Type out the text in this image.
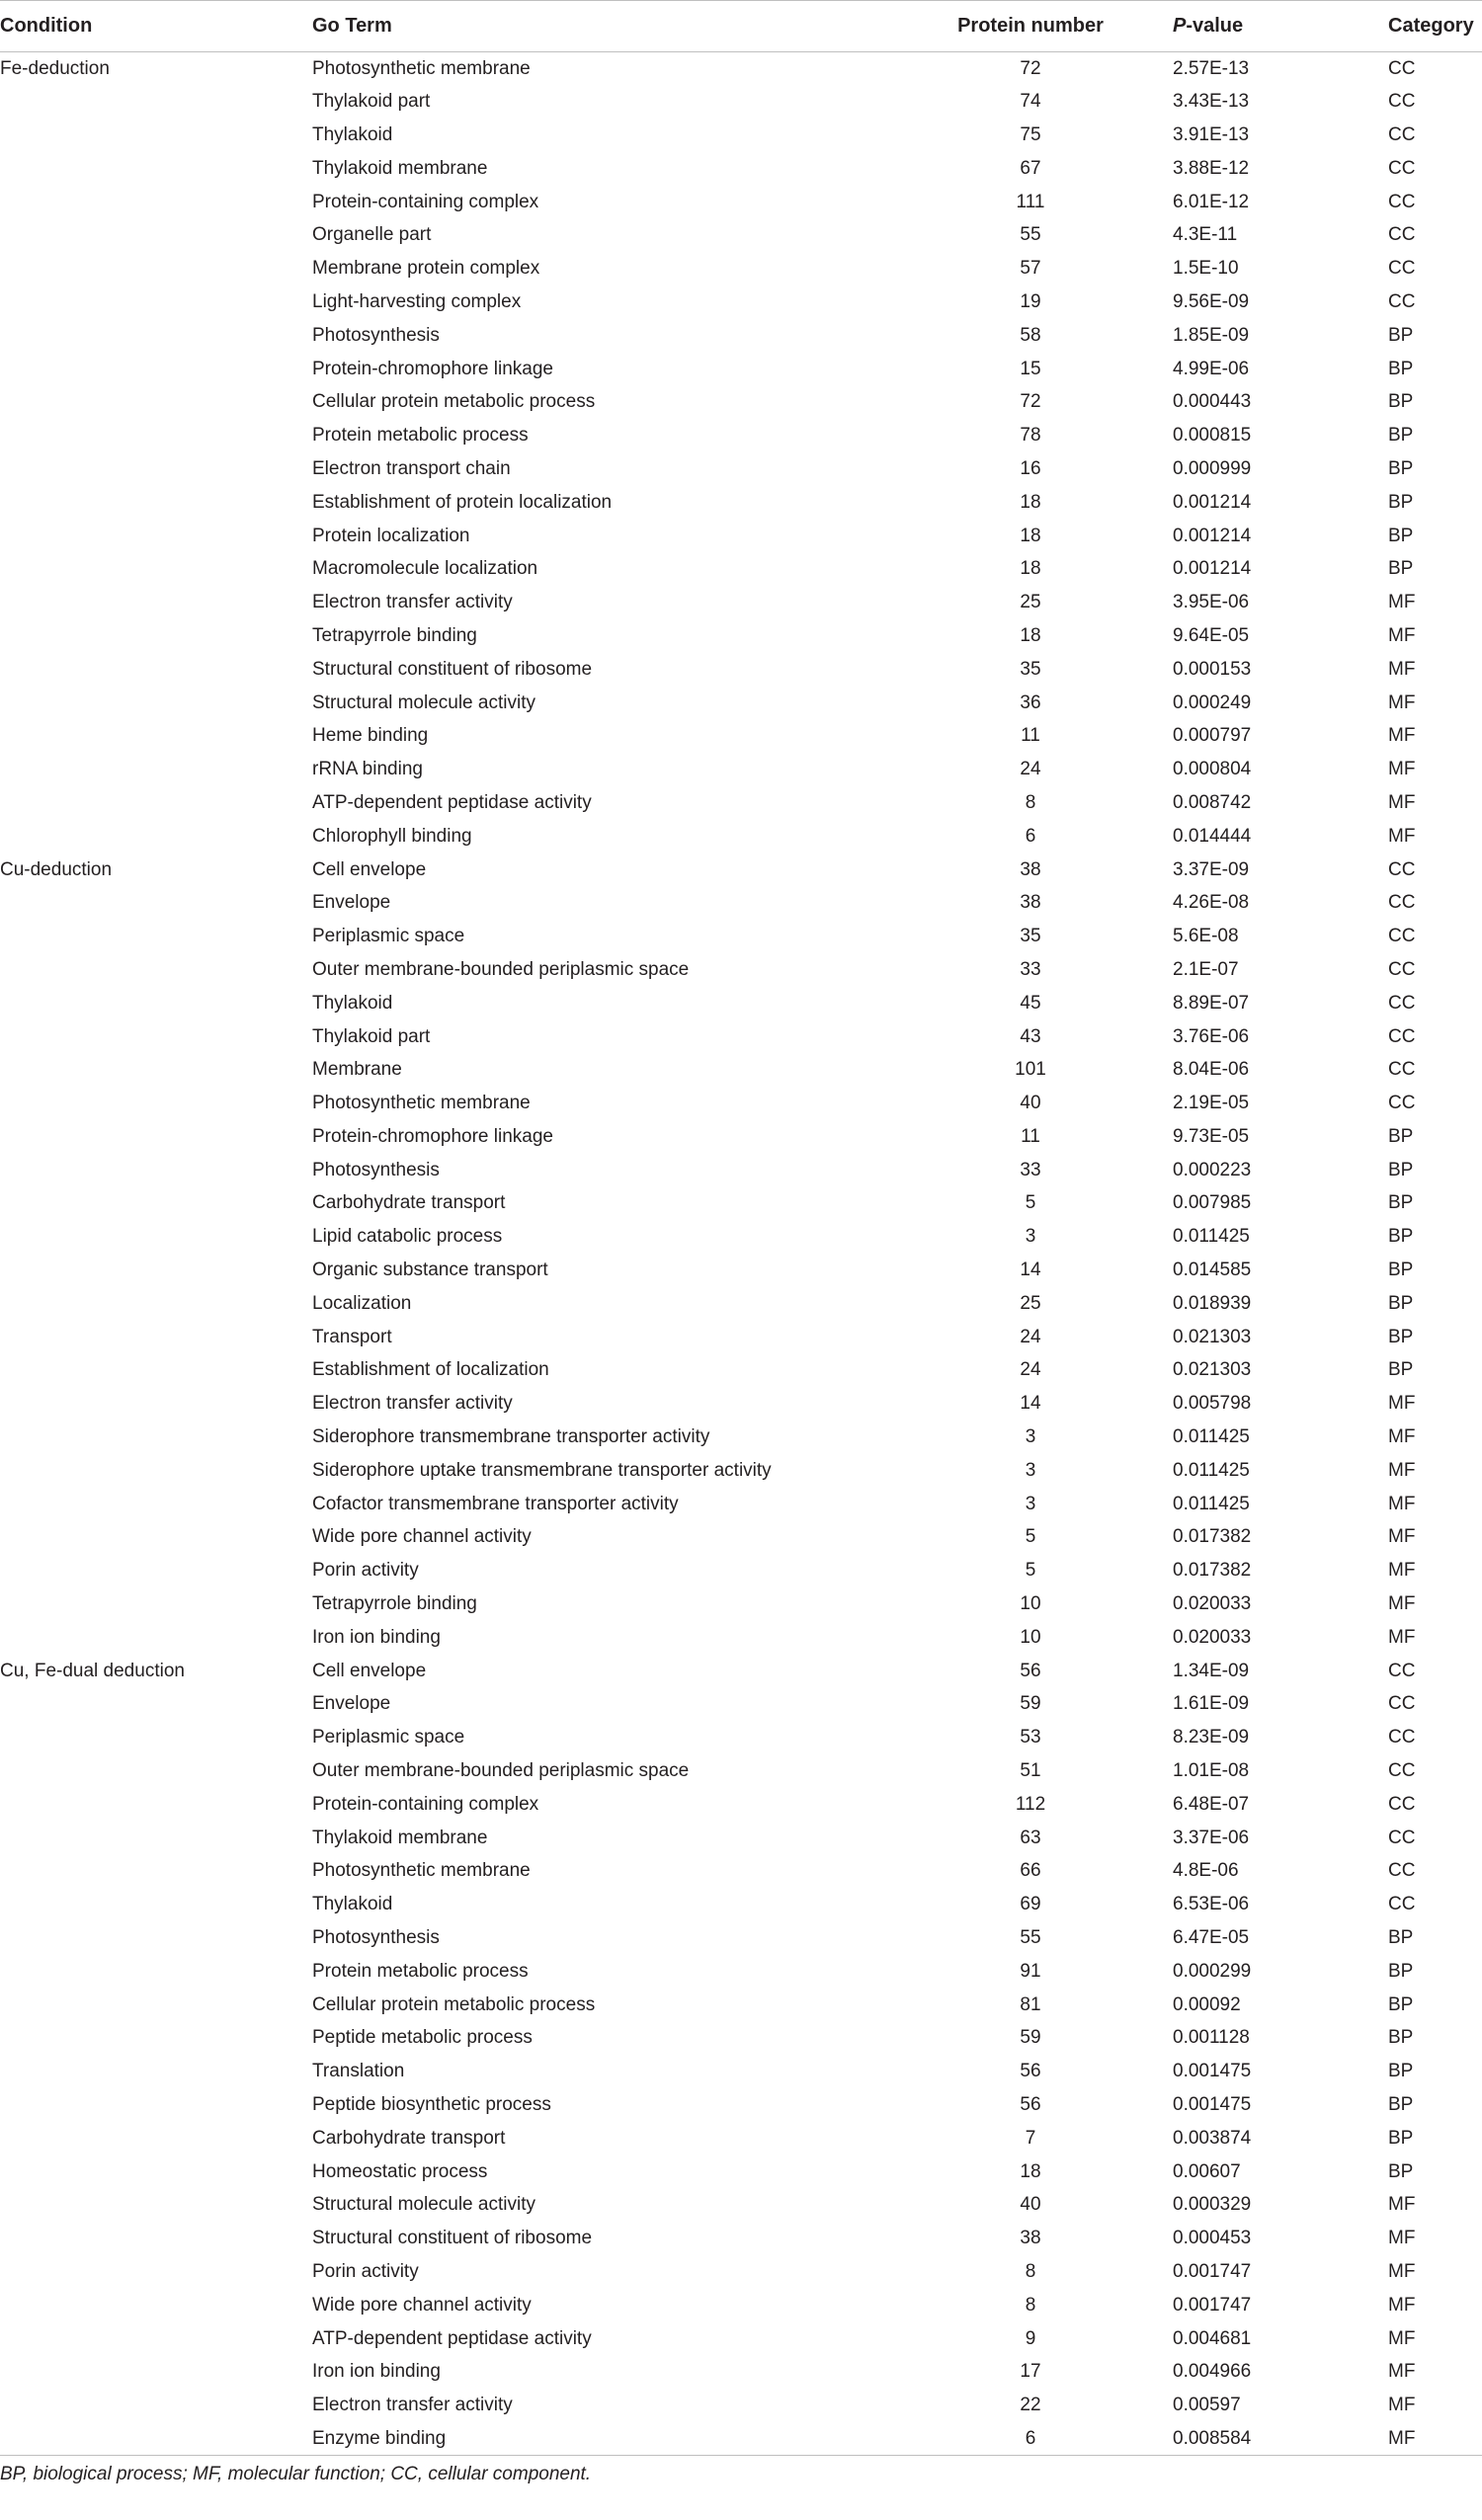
Condition	Go Term	Protein number	P-value	Category
Fe-deduction	Photosynthetic membrane	72	2.57E-13	CC
	Thylakoid part	74	3.43E-13	CC
	Thylakoid	75	3.91E-13	CC
	Thylakoid membrane	67	3.88E-12	CC
	Protein-containing complex	111	6.01E-12	CC
	Organelle part	55	4.3E-11	CC
	Membrane protein complex	57	1.5E-10	CC
	Light-harvesting complex	19	9.56E-09	CC
	Photosynthesis	58	1.85E-09	BP
	Protein-chromophore linkage	15	4.99E-06	BP
	Cellular protein metabolic process	72	0.000443	BP
	Protein metabolic process	78	0.000815	BP
	Electron transport chain	16	0.000999	BP
	Establishment of protein localization	18	0.001214	BP
	Protein localization	18	0.001214	BP
	Macromolecule localization	18	0.001214	BP
	Electron transfer activity	25	3.95E-06	MF
	Tetrapyrrole binding	18	9.64E-05	MF
	Structural constituent of ribosome	35	0.000153	MF
	Structural molecule activity	36	0.000249	MF
	Heme binding	11	0.000797	MF
	rRNA binding	24	0.000804	MF
	ATP-dependent peptidase activity	8	0.008742	MF
	Chlorophyll binding	6	0.014444	MF
Cu-deduction	Cell envelope	38	3.37E-09	CC
	Envelope	38	4.26E-08	CC
	Periplasmic space	35	5.6E-08	CC
	Outer membrane-bounded periplasmic space	33	2.1E-07	CC
	Thylakoid	45	8.89E-07	CC
	Thylakoid part	43	3.76E-06	CC
	Membrane	101	8.04E-06	CC
	Photosynthetic membrane	40	2.19E-05	CC
	Protein-chromophore linkage	11	9.73E-05	BP
	Photosynthesis	33	0.000223	BP
	Carbohydrate transport	5	0.007985	BP
	Lipid catabolic process	3	0.011425	BP
	Organic substance transport	14	0.014585	BP
	Localization	25	0.018939	BP
	Transport	24	0.021303	BP
	Establishment of localization	24	0.021303	BP
	Electron transfer activity	14	0.005798	MF
	Siderophore transmembrane transporter activity	3	0.011425	MF
	Siderophore uptake transmembrane transporter activity	3	0.011425	MF
	Cofactor transmembrane transporter activity	3	0.011425	MF
	Wide pore channel activity	5	0.017382	MF
	Porin activity	5	0.017382	MF
	Tetrapyrrole binding	10	0.020033	MF
	Iron ion binding	10	0.020033	MF
Cu, Fe-dual deduction	Cell envelope	56	1.34E-09	CC
	Envelope	59	1.61E-09	CC
	Periplasmic space	53	8.23E-09	CC
	Outer membrane-bounded periplasmic space	51	1.01E-08	CC
	Protein-containing complex	112	6.48E-07	CC
	Thylakoid membrane	63	3.37E-06	CC
	Photosynthetic membrane	66	4.8E-06	CC
	Thylakoid	69	6.53E-06	CC
	Photosynthesis	55	6.47E-05	BP
	Protein metabolic process	91	0.000299	BP
	Cellular protein metabolic process	81	0.00092	BP
	Peptide metabolic process	59	0.001128	BP
	Translation	56	0.001475	BP
	Peptide biosynthetic process	56	0.001475	BP
	Carbohydrate transport	7	0.003874	BP
	Homeostatic process	18	0.00607	BP
	Structural molecule activity	40	0.000329	MF
	Structural constituent of ribosome	38	0.000453	MF
	Porin activity	8	0.001747	MF
	Wide pore channel activity	8	0.001747	MF
	ATP-dependent peptidase activity	9	0.004681	MF
	Iron ion binding	17	0.004966	MF
	Electron transfer activity	22	0.00597	MF
	Enzyme binding	6	0.008584	MF
BP, biological process; MF, molecular function; CC, cellular component.
